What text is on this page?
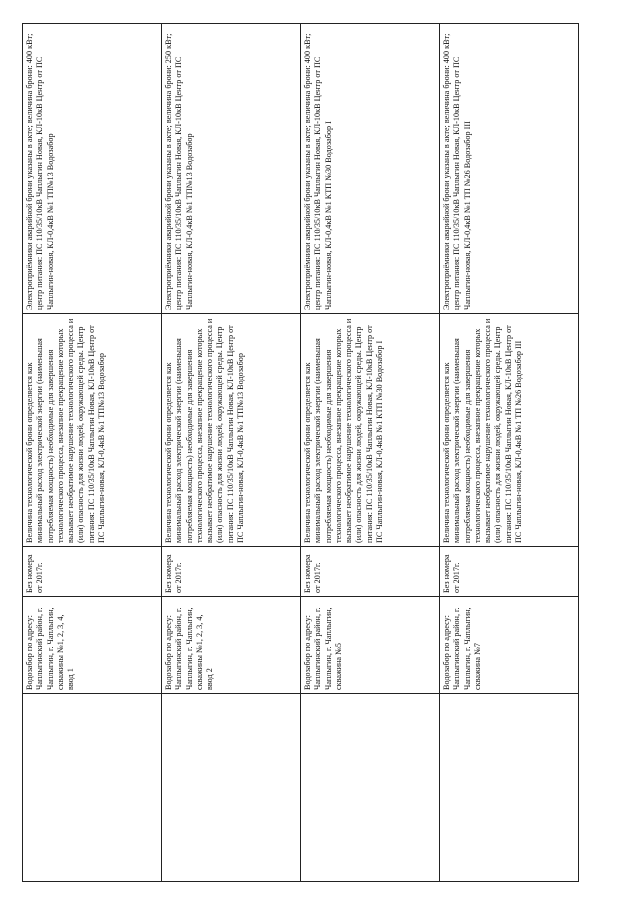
	Водозабор по адресу: Чаплыгинский район, г. Чаплыгин, г. Чаплыгин, скважины №1, 2, 3, 4, ввод 1	Без номера от 2017г.	Величина технологической брони определяется как минимальный расход электрической энергии (наименьшая потребляемая мощность) необходимые для завершения технологического процесса, внезапное прекращение которых вызывает необратимое нарушение технологического процесса и (или) опасность для жизни людей, окружающей среды. Центр питания: ПС 110/35/10кВ Чаплыгин Новая, КЛ-10кВ Центр от ПС Чаплыгин-новая, КЛ-0,4кВ №1 ТП№13 Водозабор	Электроприёмники аварийной брони указаны в акте; величина брони: 400 кВт; центр питания: ПС 110/35/10кВ Чаплыгин Новая, КЛ-10кВ Центр от ПС Чаплыгин-новая, КЛ-0,4кВ №1 ТП№13 Водозабор
	Водозабор по адресу: Чаплыгинский район, г. Чаплыгин, г. Чаплыгин, скважины №1, 2, 3, 4, ввод 2	Без номера от 2017г.	Величина технологической брони определяется как минимальный расход электрической энергии (наименьшая потребляемая мощность) необходимые для завершения технологического процесса, внезапное прекращение которых вызывает необратимое нарушение технологического процесса и (или) опасность для жизни людей, окружающей среды. Центр питания: ПС 110/35/10кВ Чаплыгин Новая, КЛ-10кВ Центр от ПС Чаплыгин-новая, КЛ-0,4кВ №1 ТП№13 Водозабор	Электроприёмники аварийной брони указаны в акте; величина брони: 250 кВт; центр питания: ПС 110/35/10кВ Чаплыгин Новая, КЛ-10кВ Центр от ПС Чаплыгин-новая, КЛ-0,4кВ №1 ТП№13 Водозабор
	Водозабор по адресу: Чаплыгинский район, г. Чаплыгин, г. Чаплыгин, скважина №5	Без номера от 2017г.	Величина технологической брони определяется как минимальный расход электрической энергии (наименьшая потребляемая мощность) необходимые для завершения технологического процесса, внезапное прекращение которых вызывает необратимое нарушение технологического процесса и (или) опасность для жизни людей, окружающей среды. Центр питания: ПС 110/35/10кВ Чаплыгин Новая, КЛ-10кВ Центр от ПС Чаплыгин-новая, КЛ-0,4кВ №1 КТП №30 Водозабор I	Электроприёмники аварийной брони указаны в акте; величина брони: 400 кВт; центр питания: ПС 110/35/10кВ Чаплыгин Новая, КЛ-10кВ Центр от ПС Чаплыгин-новая, КЛ-0,4кВ №1 КТП №30 Водозабор I
	Водозабор по адресу: Чаплыгинский район, г. Чаплыгин, г. Чаплыгин, скважина №7	Без номера от 2017г.	Величина технологической брони определяется как минимальный расход электрической энергии (наименьшая потребляемая мощность) необходимые для завершения технологического процесса, внезапное прекращение которых вызывает необратимое нарушение технологического процесса и (или) опасность для жизни людей, окружающей среды. Центр питания: ПС 110/35/10кВ Чаплыгин Новая, КЛ-10кВ Центр от ПС Чаплыгин-новая, КЛ-0,4кВ №1 ТП №26 Водозабор III	Электроприёмники аварийной брони указаны в акте; величина брони: 400 кВт; центр питания: ПС 110/35/10кВ Чаплыгин Новая, КЛ-10кВ Центр от ПС Чаплыгин-новая, КЛ-0,4кВ №1 ТП №26 Водозабор III
